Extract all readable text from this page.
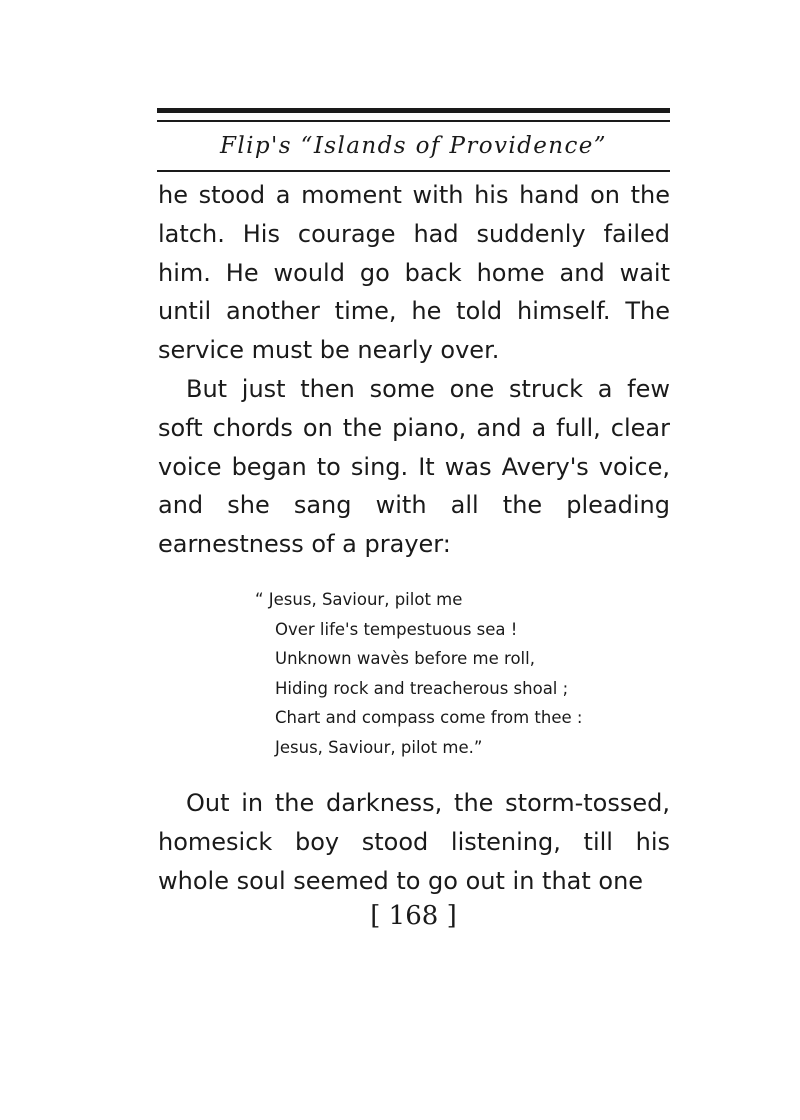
Flip's “Islands of Providence”

he stood a moment with his hand on the latch. His courage had suddenly failed him. He would go back home and wait until another time, he told himself. The service must be nearly over.

But just then some one struck a few soft chords on the piano, and a full, clear voice began to sing. It was Avery's voice, and she sang with all the pleading earnestness of a prayer:

“ Jesus, Saviour, pilot me
Over life's tempestuous sea !
Unknown wavès before me roll,
Hiding rock and treacherous shoal ;
Chart and compass come from thee :
Jesus, Saviour, pilot me.”

Out in the darkness, the storm-tossed, homesick boy stood listening, till his whole soul seemed to go out in that one

[ 168 ]
